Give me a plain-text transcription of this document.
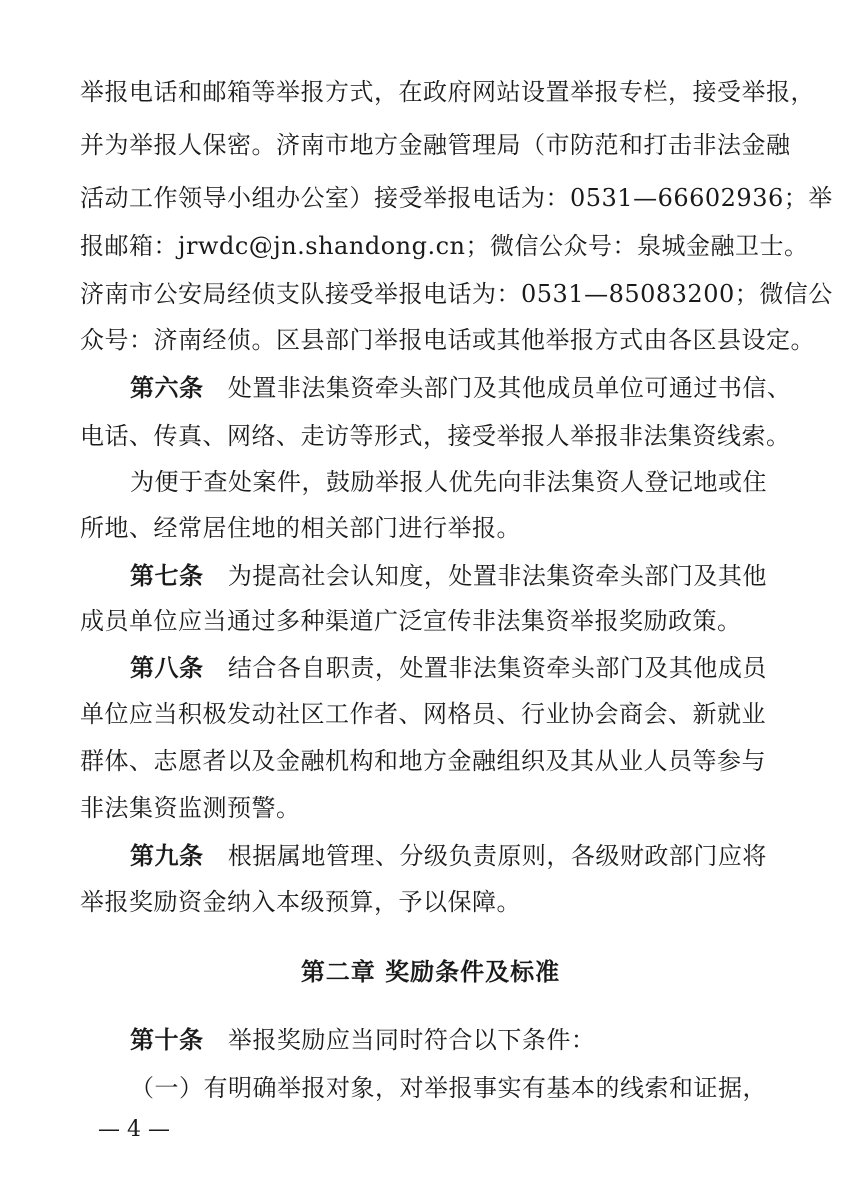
举报电话和邮箱等举报方式，在政府网站设置举报专栏，接受举报，
并为举报人保密。济南市地方金融管理局（市防范和打击非法金融
活动工作领导小组办公室）接受举报电话为：0531—66602936；举
报邮箱：jrwdc@jn.shandong.cn；微信公众号：泉城金融卫士。
济南市公安局经侦支队接受举报电话为：0531—85083200；微信公
众号：济南经侦。区县部门举报电话或其他举报方式由各区县设定。
第六条 处置非法集资牵头部门及其他成员单位可通过书信、
电话、传真、网络、走访等形式，接受举报人举报非法集资线索。
为便于查处案件，鼓励举报人优先向非法集资人登记地或住
所地、经常居住地的相关部门进行举报。
第七条 为提高社会认知度，处置非法集资牵头部门及其他
成员单位应当通过多种渠道广泛宣传非法集资举报奖励政策。
第八条 结合各自职责，处置非法集资牵头部门及其他成员
单位应当积极发动社区工作者、网格员、行业协会商会、新就业
群体、志愿者以及金融机构和地方金融组织及其从业人员等参与
非法集资监测预警。
第九条 根据属地管理、分级负责原则，各级财政部门应将
举报奖励资金纳入本级预算，予以保障。
第二章 奖励条件及标准
第十条 举报奖励应当同时符合以下条件：
（一）有明确举报对象，对举报事实有基本的线索和证据，
— 4 —
